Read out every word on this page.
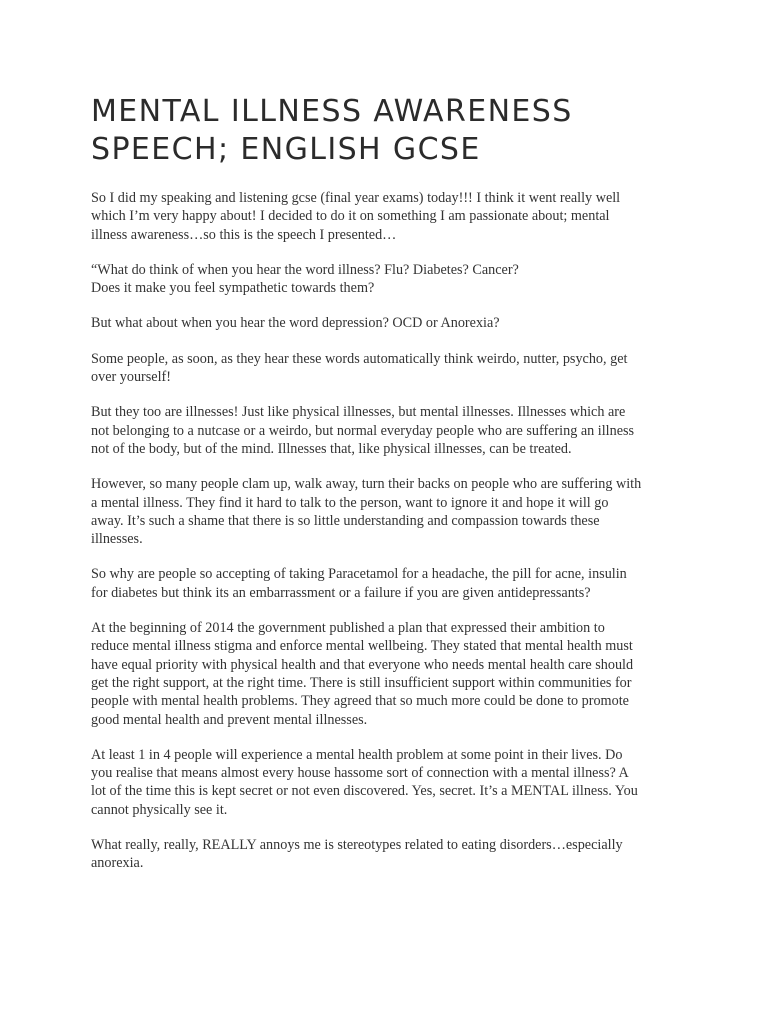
MENTAL ILLNESS AWARENESS
SPEECH; ENGLISH GCSE

So I did my speaking and listening gcse (final year exams) today!!! I think it went really well
which I’m very happy about! I decided to do it on something I am passionate about; mental
illness awareness…so this is the speech I presented…

“What do think of when you hear the word illness? Flu? Diabetes? Cancer?
Does it make you feel sympathetic towards them?

But what about when you hear the word depression? OCD or Anorexia?

Some people, as soon, as they hear these words automatically think weirdo, nutter, psycho, get
over yourself!

But they too are illnesses! Just like physical illnesses, but mental illnesses. Illnesses which are
not belonging to a nutcase or a weirdo, but normal everyday people who are suffering an illness
not of the body, but of the mind. Illnesses that, like physical illnesses, can be treated.

However, so many people clam up, walk away, turn their backs on people who are suffering with
a mental illness. They find it hard to talk to the person, want to ignore it and hope it will go
away. It’s such a shame that there is so little understanding and compassion towards these
illnesses.

So why are people so accepting of taking Paracetamol for a headache, the pill for acne, insulin
for diabetes but think its an embarrassment or a failure if you are given antidepressants?

At the beginning of 2014 the government published a plan that expressed their ambition to
reduce mental illness stigma and enforce mental wellbeing. They stated that mental health must
have equal priority with physical health and that everyone who needs mental health care should
get the right support, at the right time. There is still insufficient support within communities for
people with mental health problems. They agreed that so much more could be done to promote
good mental health and prevent mental illnesses.

At least 1 in 4 people will experience a mental health problem at some point in their lives. Do
you realise that means almost every house hassome sort of connection with a mental illness? A
lot of the time this is kept secret or not even discovered. Yes, secret. It’s a MENTAL illness. You
cannot physically see it.

What really, really, REALLY annoys me is stereotypes related to eating disorders…especially
anorexia.
